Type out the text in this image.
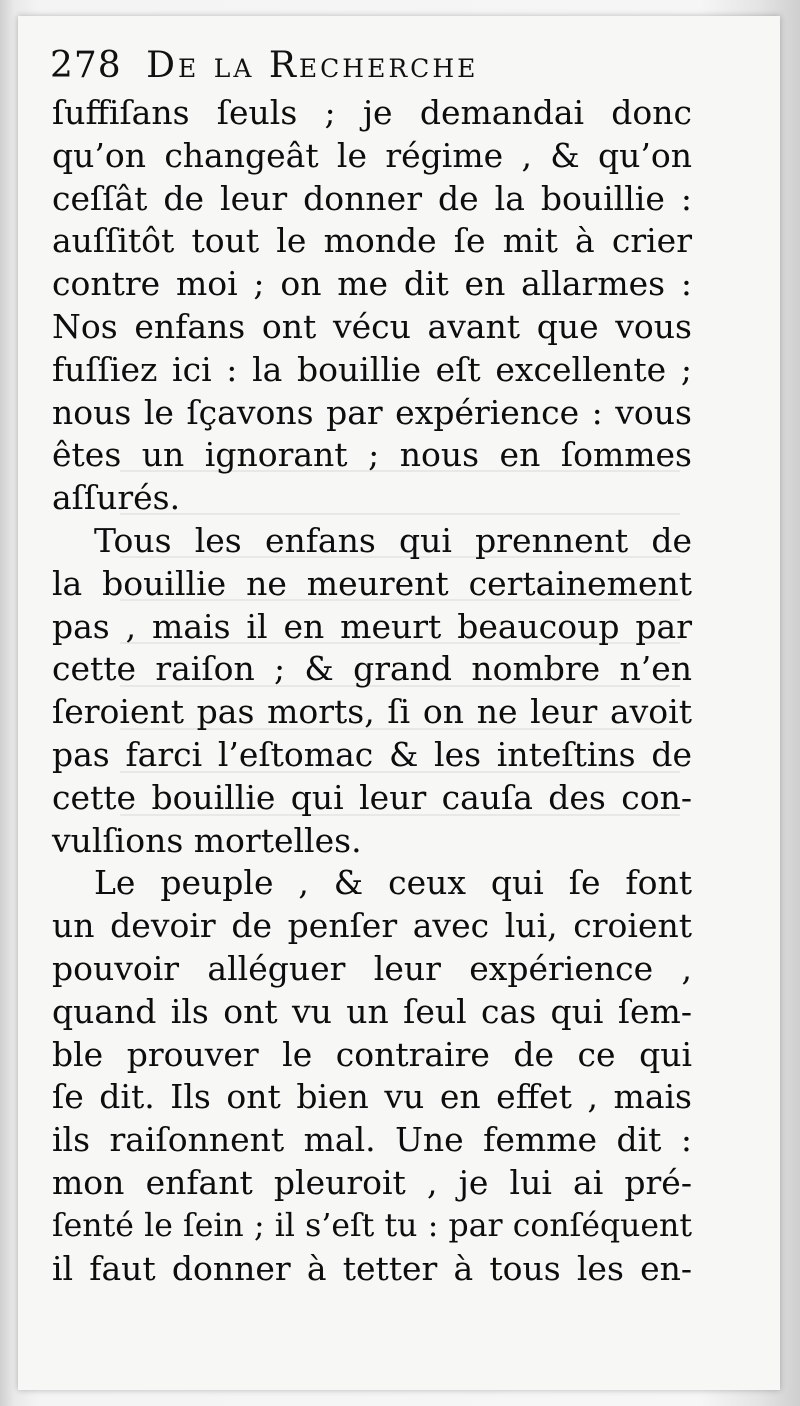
278 De la Recherche
ſuffiſans ſeuls ; je demandai donc
qu’on changeât le régime , & qu’on
ceſſât de leur donner de la bouillie :
auſſitôt tout le monde ſe mit à crier
contre moi ; on me dit en allarmes :
Nos enfans ont vécu avant que vous
fuſſiez ici : la bouillie eſt excellente ;
nous le ſçavons par expérience : vous
êtes un ignorant ; nous en ſommes
aſſurés.
Tous les enfans qui prennent de
la bouillie ne meurent certainement
pas , mais il en meurt beaucoup par
cette raiſon ; & grand nombre n’en
ſeroient pas morts, ſi on ne leur avoit
pas farci l’eſtomac & les inteſtins de
cette bouillie qui leur cauſa des con-
vulſions mortelles.
Le peuple , & ceux qui ſe font
un devoir de penſer avec lui, croient
pouvoir alléguer leur expérience ,
quand ils ont vu un ſeul cas qui ſem-
ble prouver le contraire de ce qui
ſe dit. Ils ont bien vu en effet , mais
ils raiſonnent mal. Une femme dit :
mon enfant pleuroit , je lui ai pré-
ſenté le ſein ; il s’eſt tu : par conſéquent
il faut donner à tetter à tous les en-
